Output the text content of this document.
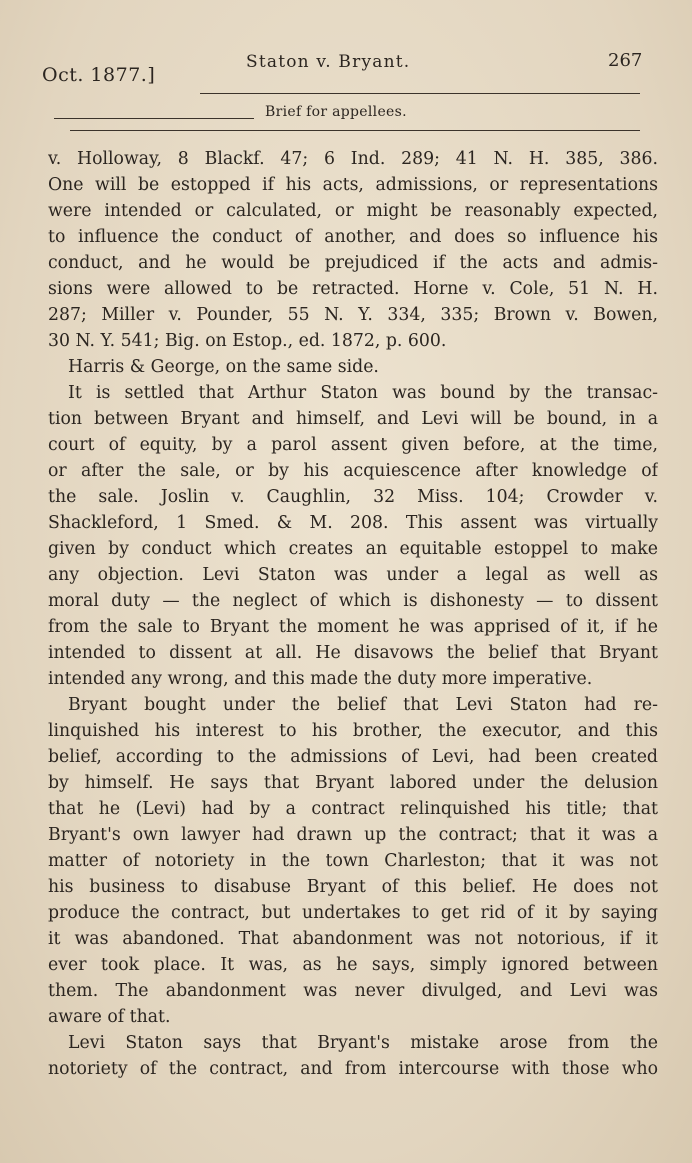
Oct. 1877.]
Staton v. Bryant.	267
Brief for appellees.
v. Holloway, 8 Blackf. 47; 6 Ind. 289; 41 N. H. 385, 386.
One will be estopped if his acts, admissions, or representations
were intended or calculated, or might be reasonably expected,
to influence the conduct of another, and does so influence his
conduct, and he would be prejudiced if the acts and admis-
sions were allowed to be retracted. Horne v. Cole, 51 N. H.
287; Miller v. Pounder, 55 N. Y. 334, 335; Brown v. Bowen,
30 N. Y. 541; Big. on Estop., ed. 1872, p. 600.
Harris & George, on the same side.
It is settled that Arthur Staton was bound by the transac-
tion between Bryant and himself, and Levi will be bound, in a
court of equity, by a parol assent given before, at the time,
or after the sale, or by his acquiescence after knowledge of
the sale. Joslin v. Caughlin, 32 Miss. 104; Crowder v.
Shackleford, 1 Smed. & M. 208. This assent was virtually
given by conduct which creates an equitable estoppel to make
any objection. Levi Staton was under a legal as well as
moral duty — the neglect of which is dishonesty — to dissent
from the sale to Bryant the moment he was apprised of it, if he
intended to dissent at all. He disavows the belief that Bryant
intended any wrong, and this made the duty more imperative.
Bryant bought under the belief that Levi Staton had re-
linquished his interest to his brother, the executor, and this
belief, according to the admissions of Levi, had been created
by himself. He says that Bryant labored under the delusion
that he (Levi) had by a contract relinquished his title; that
Bryant's own lawyer had drawn up the contract; that it was a
matter of notoriety in the town Charleston; that it was not
his business to disabuse Bryant of this belief. He does not
produce the contract, but undertakes to get rid of it by saying
it was abandoned. That abandonment was not notorious, if it
ever took place. It was, as he says, simply ignored between
them. The abandonment was never divulged, and Levi was
aware of that.
Levi Staton says that Bryant's mistake arose from the
notoriety of the contract, and from intercourse with those who
